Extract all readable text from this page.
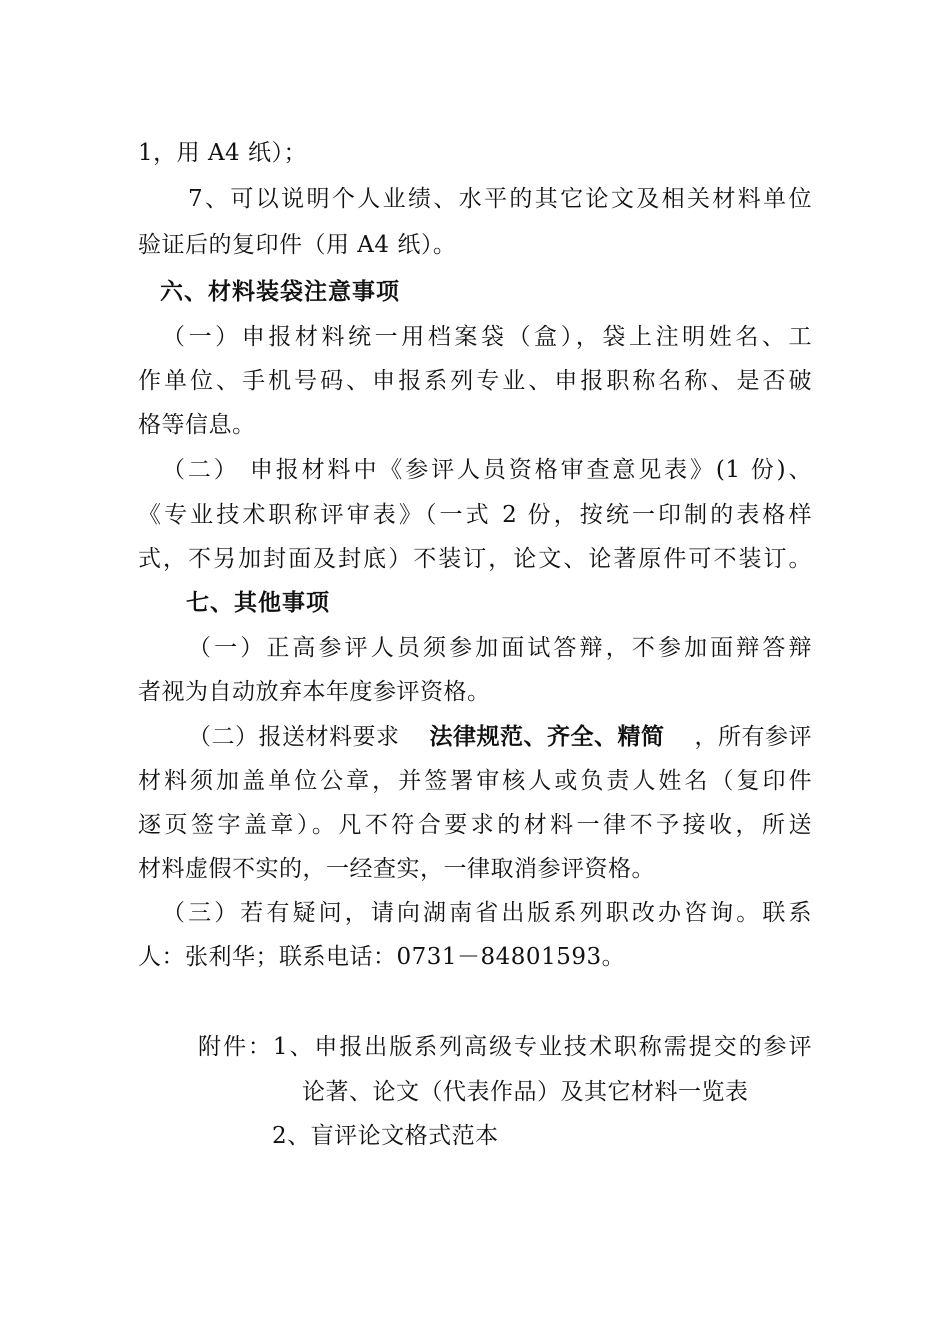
1，用 A4 纸）；
7、可以说明个人业绩、水平的其它论文及相关材料单位
验证后的复印件（用 A4 纸）。
六、材料装袋注意事项
（一）申报材料统一用档案袋（盒），袋上注明姓名、工
作单位、手机号码、申报系列专业、申报职称名称、是否破
格等信息。
（二） 申报材料中《参评人员资格审查意见表》(1 份)、
《专业技术职称评审表》（一式 2 份，按统一印制的表格样
式，不另加封面及封底）不装订，论文、论著原件可不装订。
七、其他事项
（一）正高参评人员须参加面试答辩，不参加面辩答辩
者视为自动放弃本年度参评资格。
（二）报送材料要求 法律规范、齐全、精简 ，所有参评
材料须加盖单位公章，并签署审核人或负责人姓名（复印件
逐页签字盖章）。凡不符合要求的材料一律不予接收，所送
材料虚假不实的，一经查实，一律取消参评资格。
（三）若有疑问，请向湖南省出版系列职改办咨询。联系
人：张利华；联系电话：0731－84801593。
附件：1、申报出版系列高级专业技术职称需提交的参评
论著、论文（代表作品）及其它材料一览表
2、盲评论文格式范本
